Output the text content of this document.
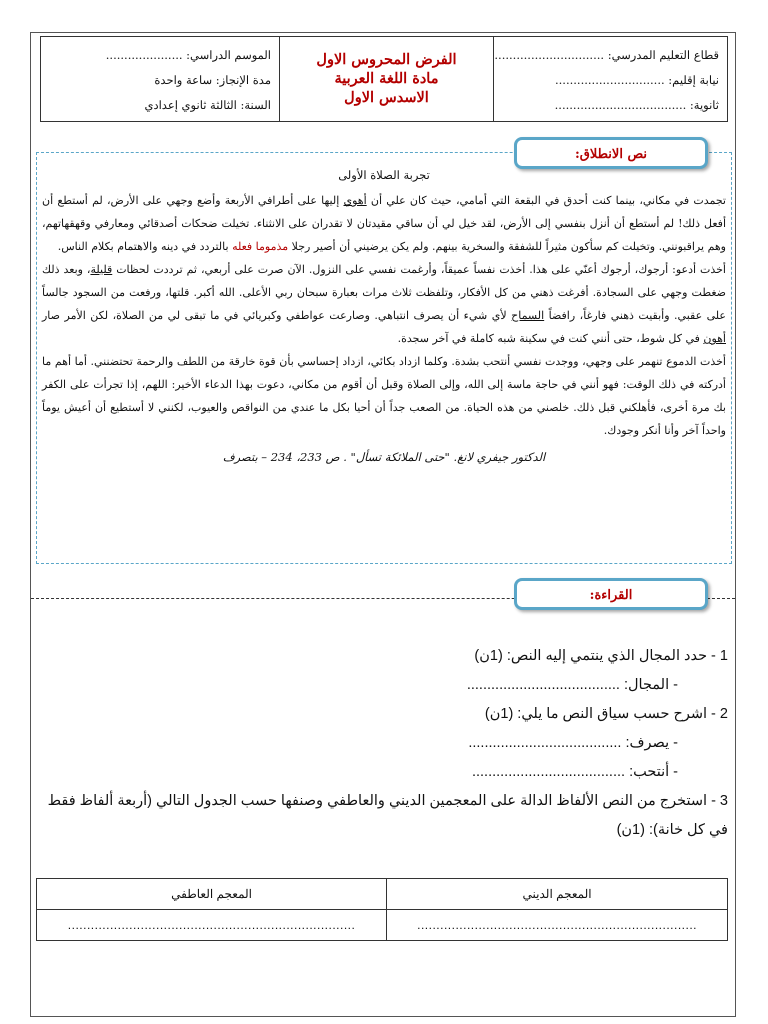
قطاع التعليم المدرسي: ..............................
نيابة إقليم: ..............................
ثانوية: ....................................
الفرض المحروس الاول
مادة اللغة العربية
الاسدس الاول
الموسم الدراسي: .....................
مدة الإنجاز: ساعة واحدة
السنة: الثالثة ثانوي إعدادي
نص الانطلاق:
تجربة الصلاة الأولى

تجمدت في مكاني، بينما كنت أحدق في البقعة التي أمامي، حيث كان علي أن أهوي إليها على أطرافي الأربعة وأضع وجهي على الأرض، لم أستطع أن أفعل ذلك! لم أستطع أن أنزل بنفسي إلى الأرض، لقد خيل لي أن ساقي مقيدتان لا تقدران على الانثناء. تخيلت ضحكات أصدقائي ومعارفي وقهقهاتهم، وهم يراقبونني. وتخيلت كم سأكون مثيراً للشفقة والسخرية بينهم. ولم يكن يرضيني أن أصير رجلا مذموما فعله بالتردد في دينه والاهتمام بكلام الناس.

أخذت أدعو: أرجوك، أرجوك أعنّي على هذا. أخذت نفساً عميقاً، وأرغمت نفسي على النزول. الآن صرت على أربعي، ثم ترددت لحظات قليلة، وبعد ذلك ضغطت وجهي على السجادة. أفرغت ذهني من كل الأفكار، وتلفظت ثلاث مرات بعبارة سبحان ربي الأعلى. الله أكبر. قلتها، ورفعت من السجود جالساً على عقبي. وأبقيت ذهني فارغاً، رافضاً السماح لأي شيء أن يصرف انتباهي. وصارعت عواطفي وكبريائي في ما تبقى لي من الصلاة، لكن الأمر صار أهون في كل شوط، حتى أنني كنت في سكينة شبه كاملة في آخر سجدة.

أخذت الدموع تنهمر على وجهي، ووجدت نفسي أنتحب بشدة. وكلما ازداد بكائي، ازداد إحساسي بأن قوة خارقة من اللطف والرحمة تحتضنني. أما أهم ما أدركته في ذلك الوقت: فهو أنني في حاجة ماسة إلى الله، وإلى الصلاة وقبل أن أقوم من مكاني، دعوت بهذا الدعاء الأخير: اللهم، إذا تجرأت على الكفر بك مرة أخرى، فأهلكني قبل ذلك. خلصني من هذه الحياة. من الصعب جداً أن أحيا بكل ما عندي من النواقص والعيوب، لكنني لا أستطيع أن أعيش يوماً واحداً آخر وأنا أنكر وجودك.

الدكتور جيفري لانغ. "حتى الملائكة تسأل" . ص 233، 234 – بتصرف
القراءة:

1 - حدد المجال الذي ينتمي إليه النص: (1ن)

- المجال: ......................................

2 - اشرح حسب سياق النص ما يلي: (1ن)

- يصرف: ......................................

- أنتحب: ......................................

3 - استخرج من النص الألفاظ الدالة على المعجمين الديني والعاطفي وصنفها حسب الجدول التالي (أربعة ألفاظ فقط في كل خانة): (1ن)

المعجم الديني	المعجم العاطفي
.........................................................................	...........................................................................
